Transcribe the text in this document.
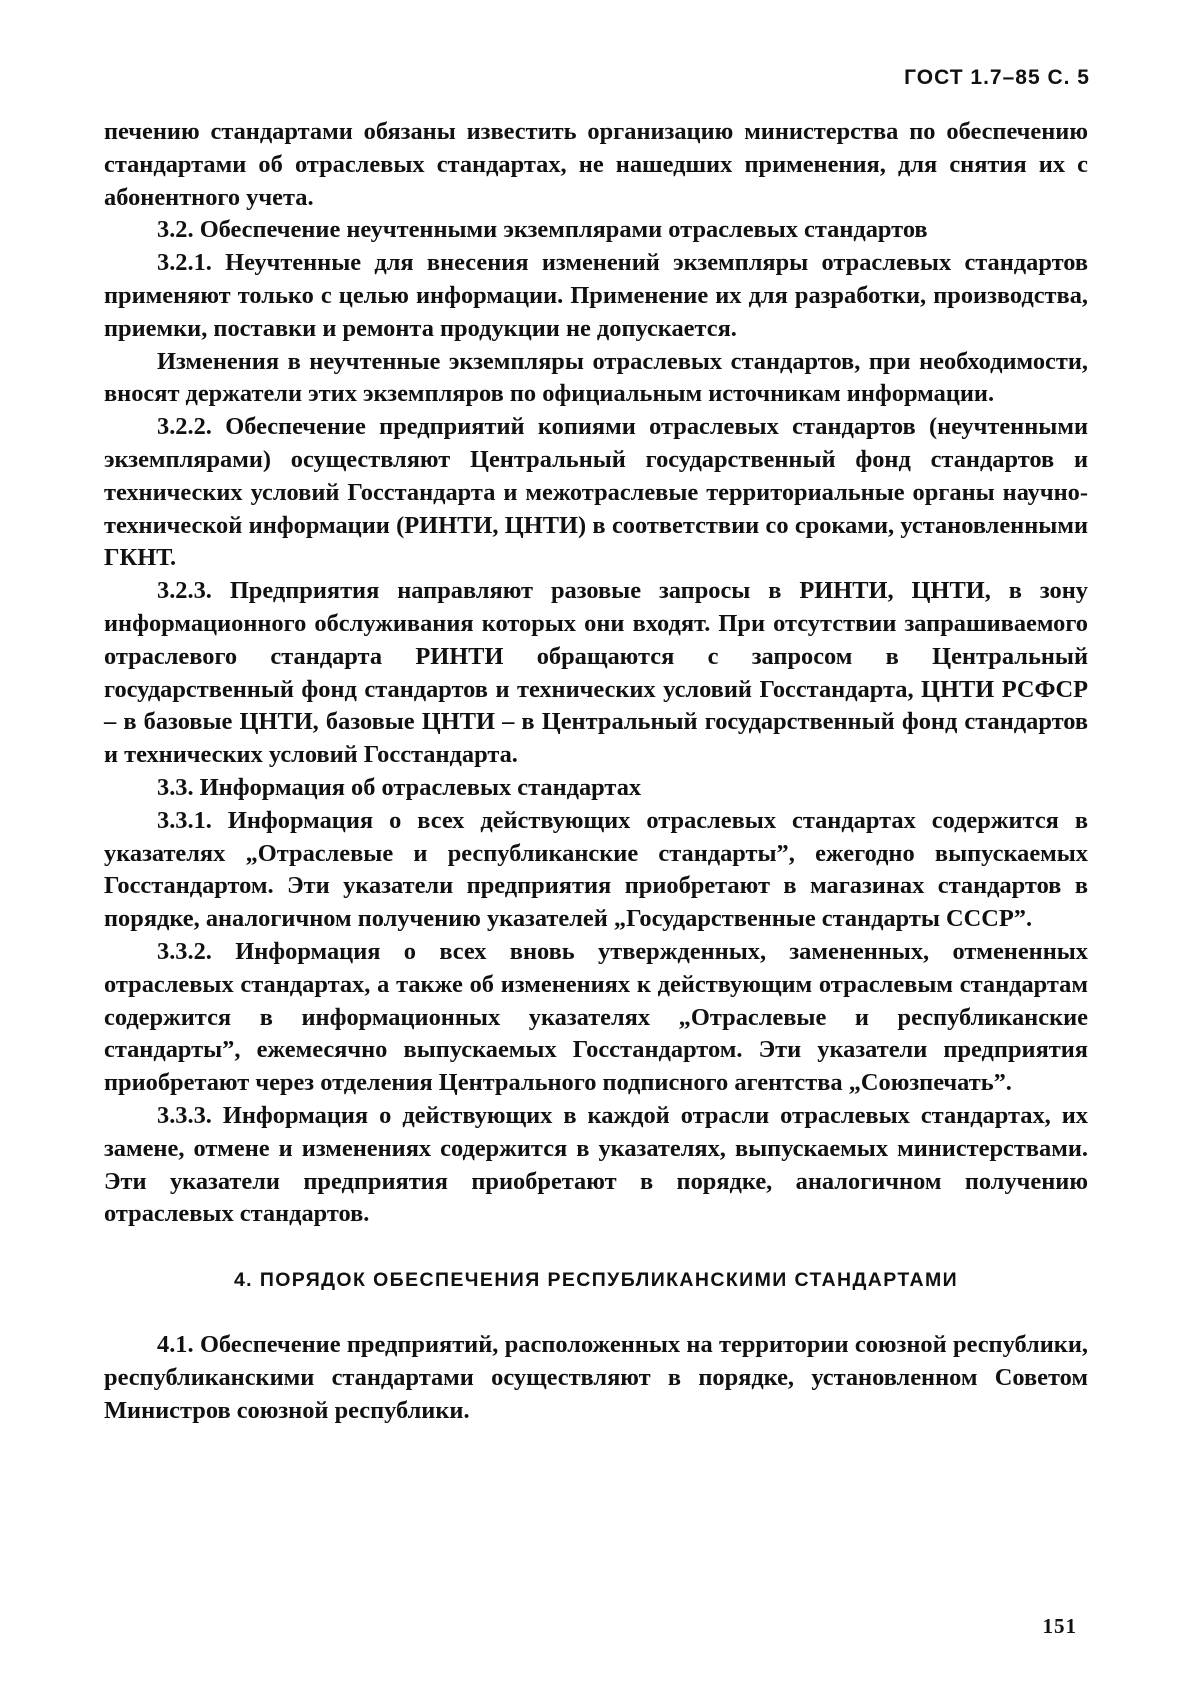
ГОСТ 1.7–85 С. 5

печению стандартами обязаны известить организацию министерства по обеспечению стандартами об отраслевых стандартах, не нашедших применения, для снятия их с абонентного учета.

3.2. Обеспечение неучтенными экземплярами отраслевых стандартов

3.2.1. Неучтенные для внесения изменений экземпляры отраслевых стандартов применяют только с целью информации. Применение их для разработки, производства, приемки, поставки и ремонта продукции не допускается.

Изменения в неучтенные экземпляры отраслевых стандартов, при необходимости, вносят держатели этих экземпляров по официальным источникам информации.

3.2.2. Обеспечение предприятий копиями отраслевых стандартов (неучтенными экземплярами) осуществляют Центральный государственный фонд стандартов и технических условий Госстандарта и межотраслевые территориальные органы научно-технической информации (РИНТИ, ЦНТИ) в соответствии со сроками, установленными ГКНТ.

3.2.3. Предприятия направляют разовые запросы в РИНТИ, ЦНТИ, в зону информационного обслуживания которых они входят. При отсутствии запрашиваемого отраслевого стандарта РИНТИ обращаются с запросом в Центральный государственный фонд стандартов и технических условий Госстандарта, ЦНТИ РСФСР – в базовые ЦНТИ, базовые ЦНТИ – в Центральный государственный фонд стандартов и технических условий Госстандарта.

3.3. Информация об отраслевых стандартах

3.3.1. Информация о всех действующих отраслевых стандартах содержится в указателях „Отраслевые и республиканские стандарты”, ежегодно выпускаемых Госстандартом. Эти указатели предприятия приобретают в магазинах стандартов в порядке, аналогичном получению указателей „Государственные стандарты СССР”.

3.3.2. Информация о всех вновь утвержденных, замененных, отмененных отраслевых стандартах, а также об изменениях к действующим отраслевым стандартам содержится в информационных указателях „Отраслевые и республиканские стандарты”, ежемесячно выпускаемых Госстандартом. Эти указатели предприятия приобретают через отделения Центрального подписного агентства „Союзпечать”.

3.3.3. Информация о действующих в каждой отрасли отраслевых стандартах, их замене, отмене и изменениях содержится в указателях, выпускаемых министерствами. Эти указатели предприятия приобретают в порядке, аналогичном получению отраслевых стандартов.

4. ПОРЯДОК ОБЕСПЕЧЕНИЯ РЕСПУБЛИКАНСКИМИ СТАНДАРТАМИ

4.1. Обеспечение предприятий, расположенных на территории союзной республики, республиканскими стандартами осуществляют в порядке, установленном Советом Министров союзной республики.

151
